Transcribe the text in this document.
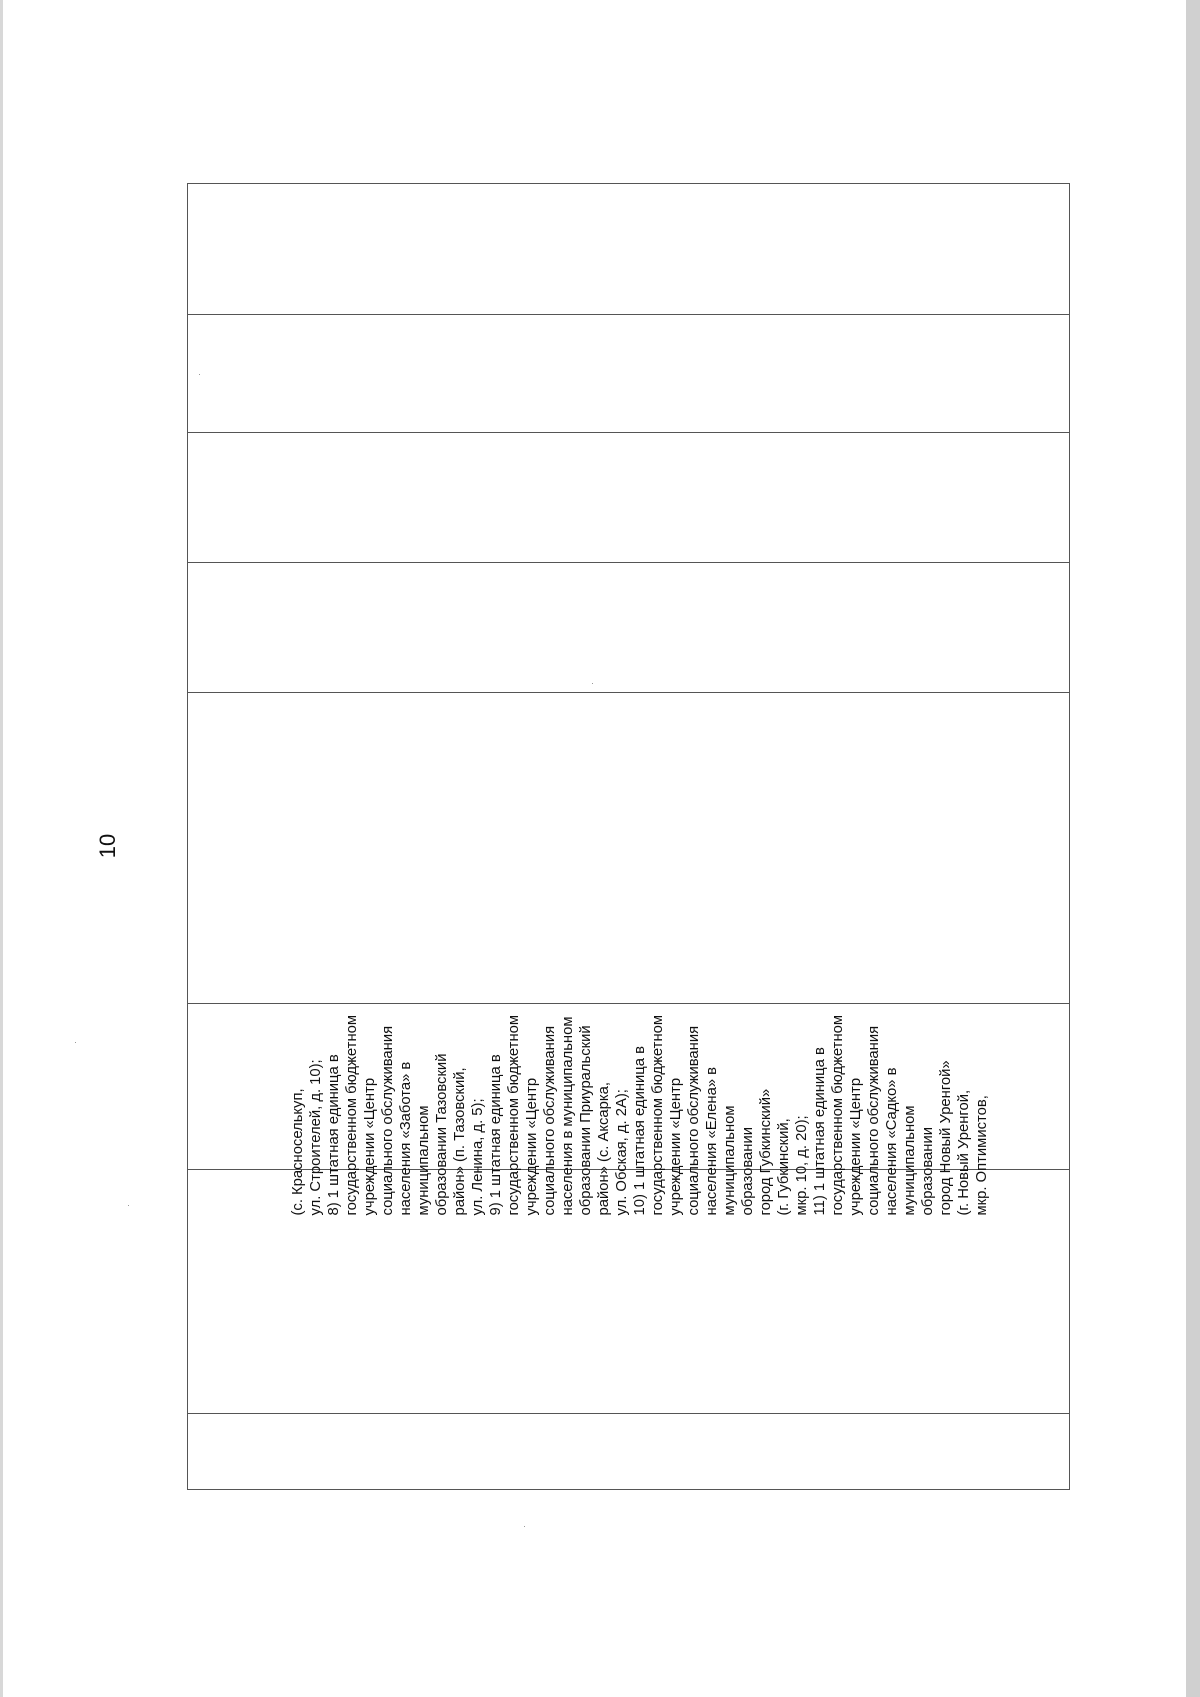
10
(с. Красноселькуп, ул. Строителей, д. 10); 8) 1 штатная единица в государственном бюджетном учреждении «Центр социального обслуживания населения «Забота» в муниципальном образовании Тазовский район» (п. Тазовский, ул. Ленина, д. 5); 9) 1 штатная единица в государственном бюджетном учреждении «Центр социального обслуживания населения в муниципальном образовании Приуральский район» (с. Аксарка, ул. Обская, д. 2А); 10) 1 штатная единица в государственном бюджетном учреждении «Центр социального обслуживания населения «Елена» в муниципальном образовании город Губкинский» (г. Губкинский, мкр. 10, д. 20); 11) 1 штатная единица в государственном бюджетном учреждении «Центр социального обслуживания населения «Садко» в муниципальном образовании город Новый Уренгой» (г. Новый Уренгой, мкр. Оптимистов,
